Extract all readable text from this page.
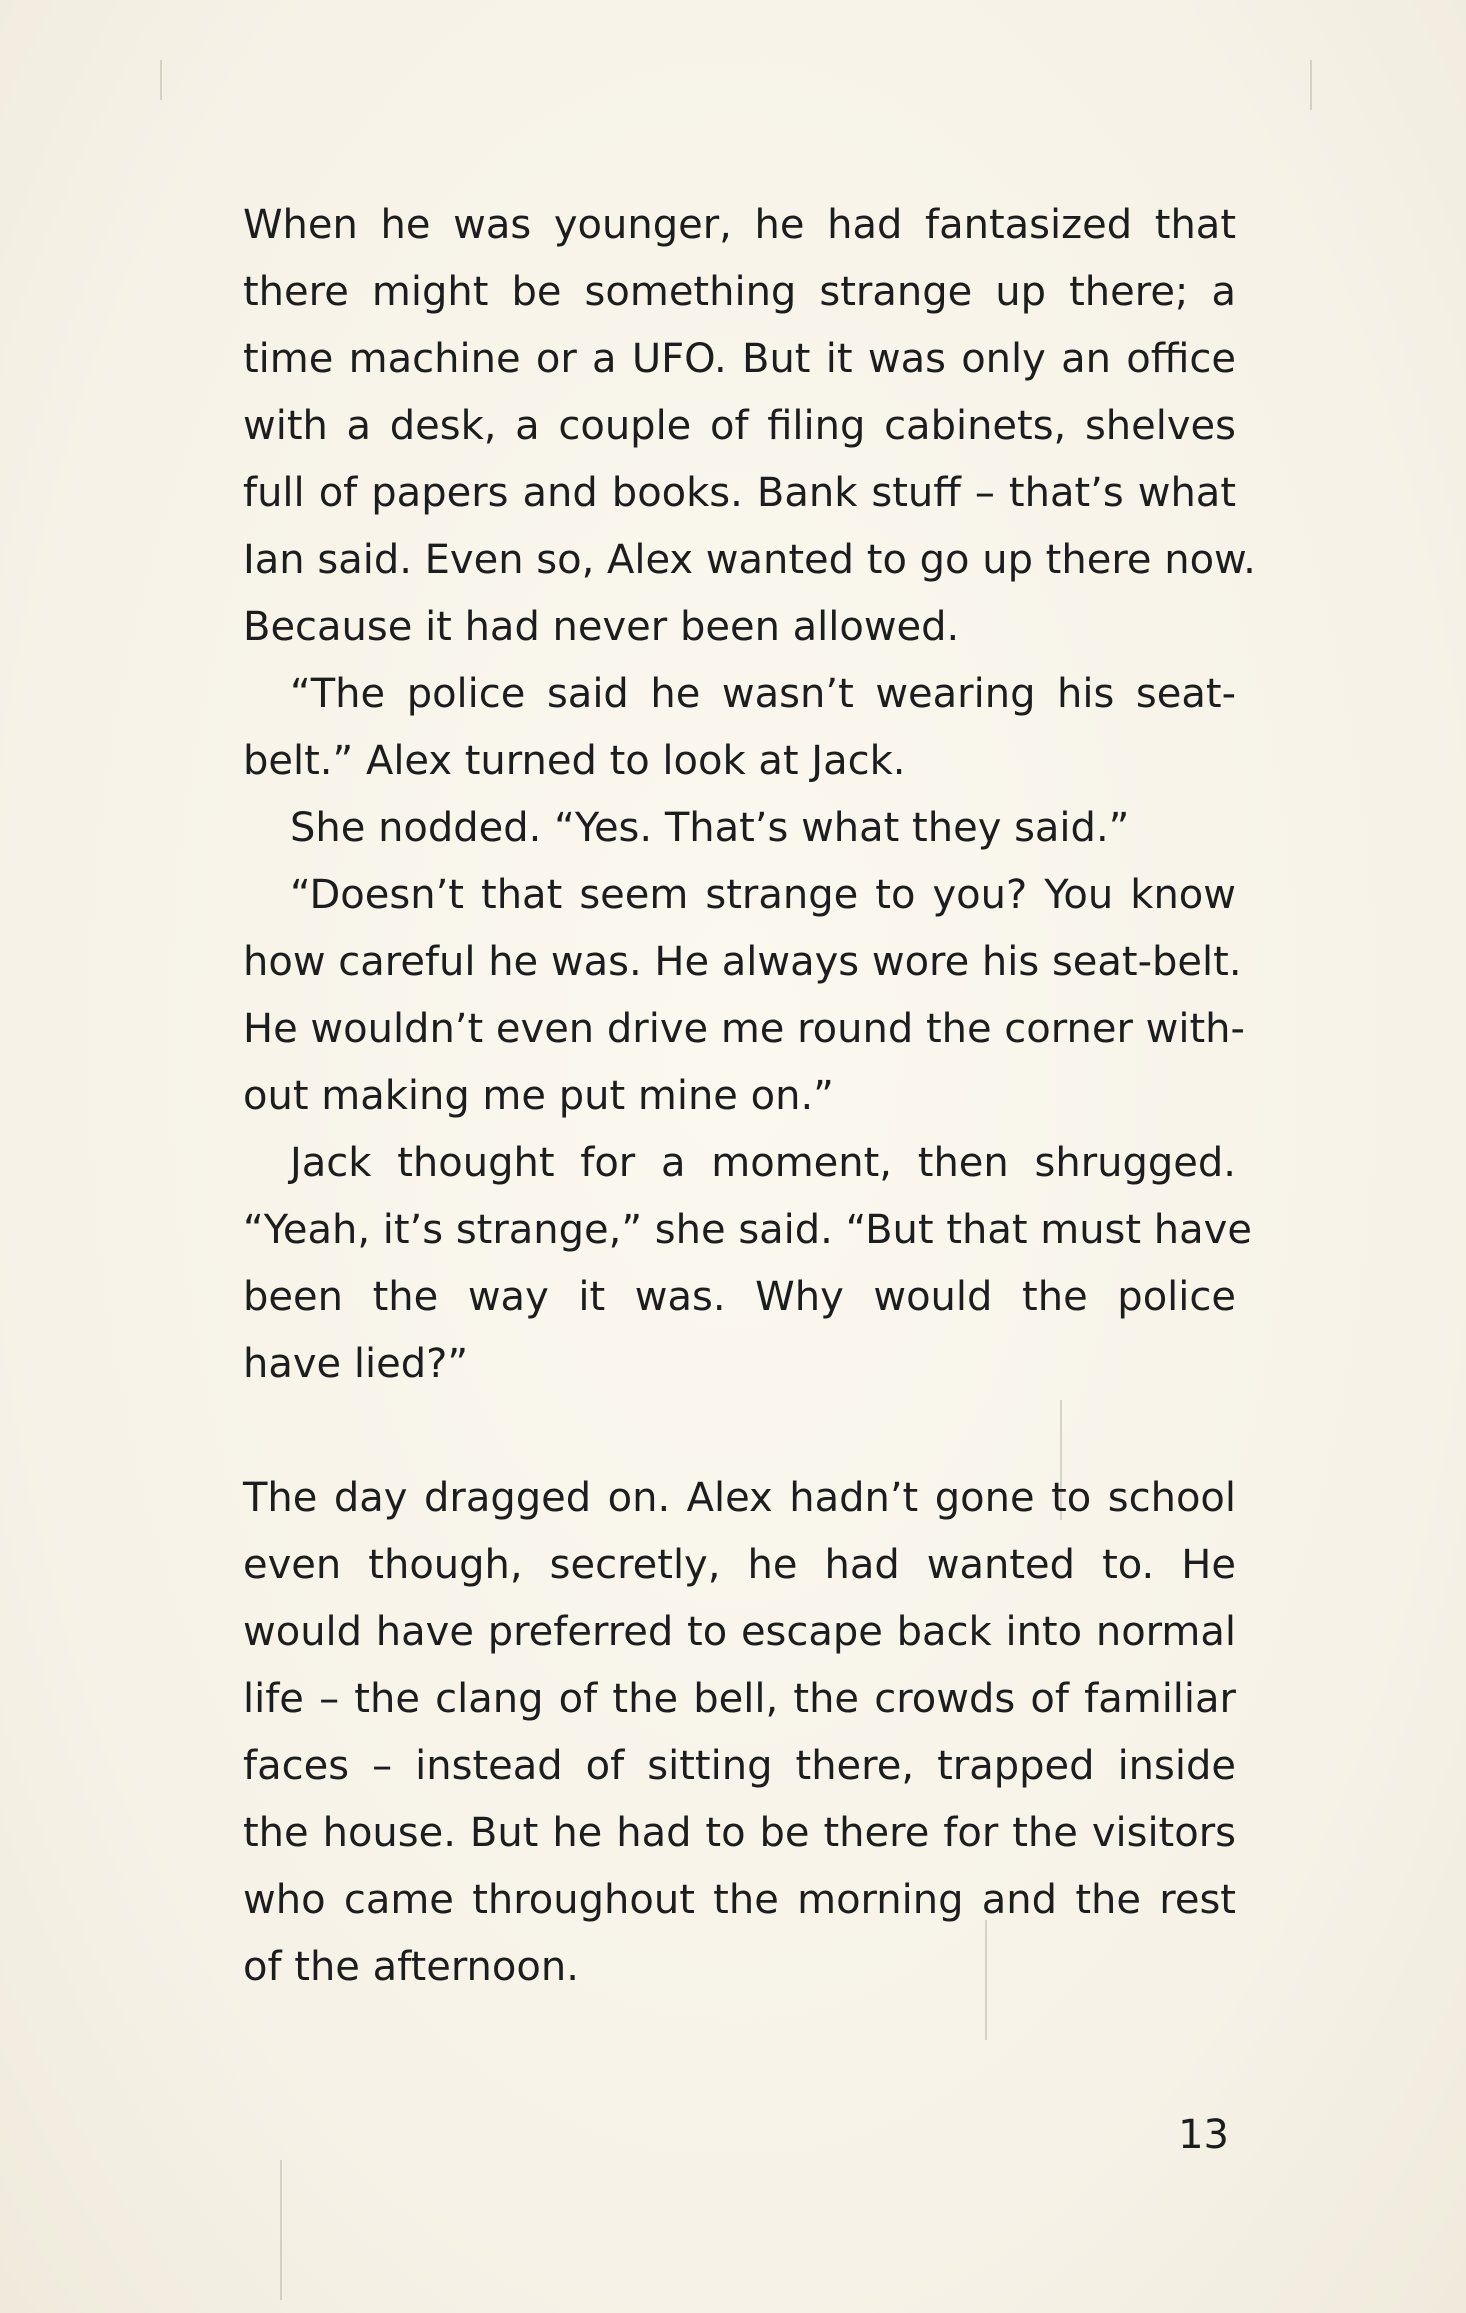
When he was younger, he had fantasized that
there might be something strange up there; a
time machine or a UFO. But it was only an office
with a desk, a couple of filing cabinets, shelves
full of papers and books. Bank stuff – that’s what
Ian said. Even so, Alex wanted to go up there now.
Because it had never been allowed.
“The police said he wasn’t wearing his seat-
belt.” Alex turned to look at Jack.
She nodded. “Yes. That’s what they said.”
“Doesn’t that seem strange to you? You know
how careful he was. He always wore his seat-belt.
He wouldn’t even drive me round the corner with-
out making me put mine on.”
Jack thought for a moment, then shrugged.
“Yeah, it’s strange,” she said. “But that must have
been the way it was. Why would the police
have lied?”
The day dragged on. Alex hadn’t gone to school
even though, secretly, he had wanted to. He
would have preferred to escape back into normal
life – the clang of the bell, the crowds of familiar
faces – instead of sitting there, trapped inside
the house. But he had to be there for the visitors
who came throughout the morning and the rest
of the afternoon.
13
